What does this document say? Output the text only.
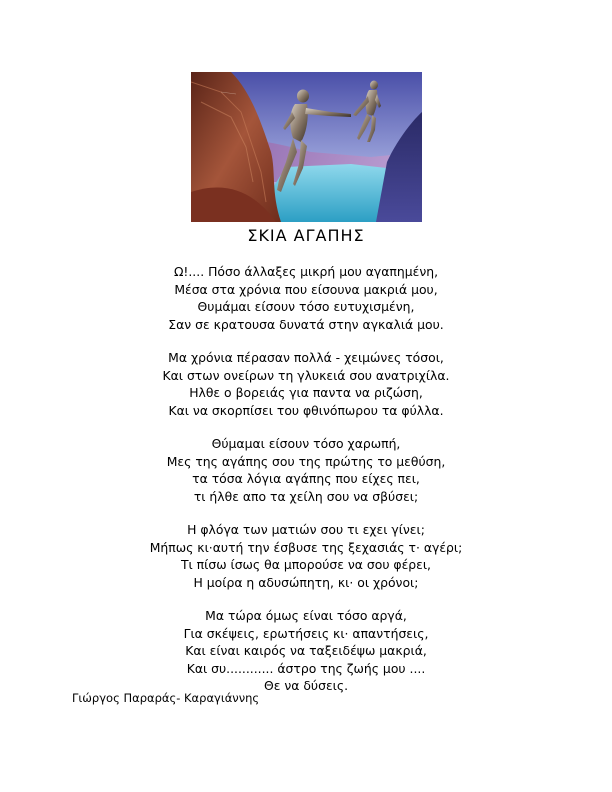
ΣΚΙΑ ΑΓΑΠΗΣ
Ω!.... Πόσο άλλαξες μικρή μου αγαπημένη,
Μέσα στα χρόνια που είσουνα μακριά μου,
Θυμάμαι είσουν τόσο ευτυχισμένη,
Σαν σε κρατουσα δυνατά στην αγκαλιά μου.
Μα χρόνια πέρασαν πολλά - χειμώνες τόσοι,
Και στων ονείρων τη γλυκειά σου ανατριχίλα.
Ηλθε ο βορειάς για παντα να ριζώση,
Και να σκορπίσει του φθινόπωρου τα φύλλα.
Θύμαμαι είσουν τόσο χαρωπή,
Μες της αγάπης σου της πρώτης το μεθύση,
τα τόσα λόγια αγάπης που είχες πει,
τι ήλθε απο τα χείλη σου να σβύσει;
Η φλόγα των ματιών σου τι εχει γίνει;
Μήπως κι·αυτή την έσβυσε της ξεχασιάς τ· αγέρι;
Τι πίσω ίσως θα μπορούσε να σου φέρει,
Η μοίρα η αδυσώπητη, κι· οι χρόνοι;
Μα τώρα όμως είναι τόσο αργά,
Για σκέψεις, ερωτήσεις κι· απαντήσεις,
Και είναι καιρός να ταξειδέψω μακριά,
Και συ............ άστρο της ζωής μου ....
Θε να δύσεις.
Γιώργος Παραράς- Καραγιάννης
